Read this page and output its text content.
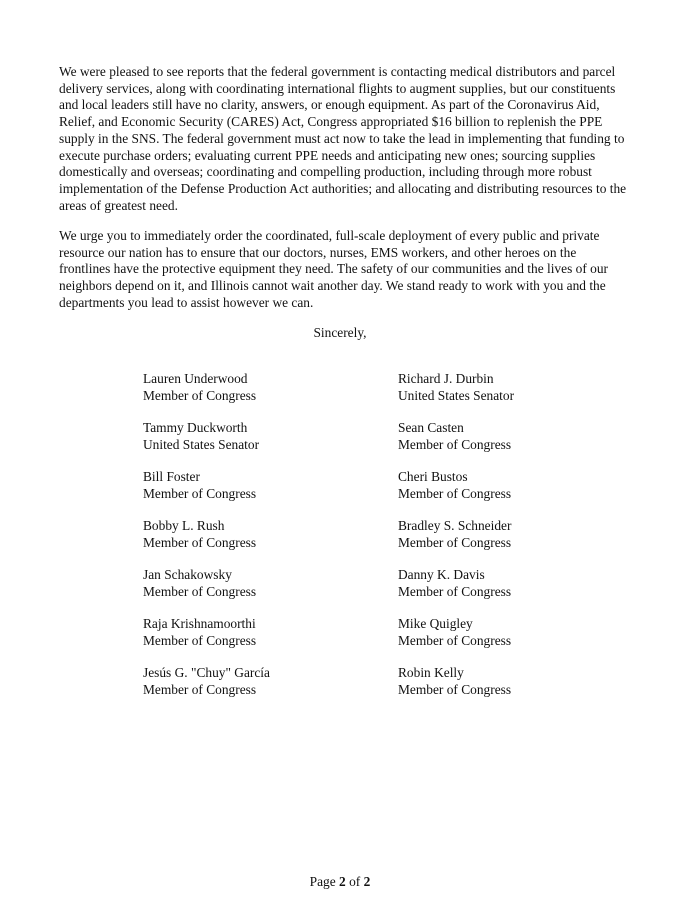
We were pleased to see reports that the federal government is contacting medical distributors and parcel delivery services, along with coordinating international flights to augment supplies, but our constituents and local leaders still have no clarity, answers, or enough equipment. As part of the Coronavirus Aid, Relief, and Economic Security (CARES) Act, Congress appropriated $16 billion to replenish the PPE supply in the SNS. The federal government must act now to take the lead in implementing that funding to execute purchase orders; evaluating current PPE needs and anticipating new ones; sourcing supplies domestically and overseas; coordinating and compelling production, including through more robust implementation of the Defense Production Act authorities; and allocating and distributing resources to the areas of greatest need.

We urge you to immediately order the coordinated, full-scale deployment of every public and private resource our nation has to ensure that our doctors, nurses, EMS workers, and other heroes on the frontlines have the protective equipment they need. The safety of our communities and the lives of our neighbors depend on it, and Illinois cannot wait another day. We stand ready to work with you and the departments you lead to assist however we can.

Sincerely,
Lauren Underwood
Member of Congress
Richard J. Durbin
United States Senator
Tammy Duckworth
United States Senator
Sean Casten
Member of Congress
Bill Foster
Member of Congress
Cheri Bustos
Member of Congress
Bobby L. Rush
Member of Congress
Bradley S. Schneider
Member of Congress
Jan Schakowsky
Member of Congress
Danny K. Davis
Member of Congress
Raja Krishnamoorthi
Member of Congress
Mike Quigley
Member of Congress
Jesús G. "Chuy" García
Member of Congress
Robin Kelly
Member of Congress
Page 2 of 2
